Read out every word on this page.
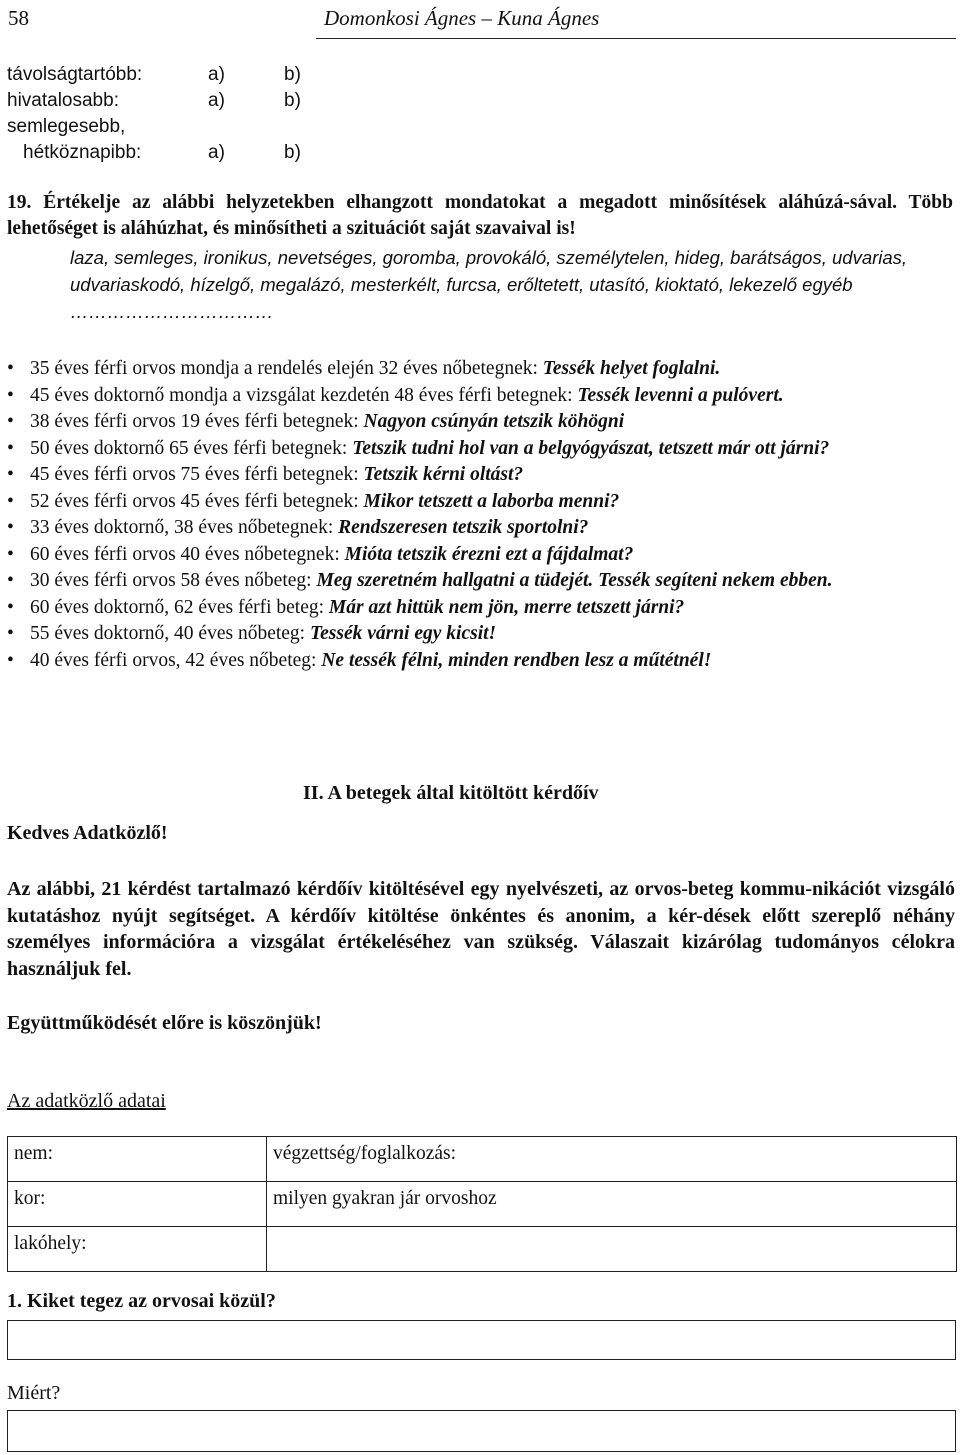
58	Domonkosi Ágnes – Kuna Ágnes
távolságtartóbb:	a)	b)
hivatalosabb:	a)	b)
semlegesebb,
hétköznapibb:	a)	b)
19. Értékelje az alábbi helyzetekben elhangzott mondatokat a megadott minősítések aláhúzá-sával. Több lehetőséget is aláhúzhat, és minősítheti a szituációt saját szavaival is!
laza, semleges, ironikus, nevetséges, goromba, provokáló, személytelen, hideg, barátságos, udvarias, udvariaskodó, hízelgő, megalázó, mesterkélt, furcsa, erőltetett, utasító, kioktató, lekezelő egyéb ……………………………
• 35 éves férfi orvos mondja a rendelés elején 32 éves nőbetegnek: Tessék helyet foglalni.
• 45 éves doktornő mondja a vizsgálat kezdetén 48 éves férfi betegnek: Tessék levenni a pulóvert.
• 38 éves férfi orvos 19 éves férfi betegnek: Nagyon csúnyán tetszik köhögni
• 50 éves doktornő 65 éves férfi betegnek: Tetszik tudni hol van a belgyógyászat, tetszett már ott járni?
• 45 éves férfi orvos 75 éves férfi betegnek: Tetszik kérni oltást?
• 52 éves férfi orvos 45 éves férfi betegnek: Mikor tetszett a laborba menni?
• 33 éves doktornő, 38 éves nőbetegnek: Rendszeresen tetszik sportolni?
• 60 éves férfi orvos 40 éves nőbetegnek: Mióta tetszik érezni ezt a fájdalmat?
• 30 éves férfi orvos 58 éves nőbeteg: Meg szeretném hallgatni a tüdejét. Tessék segíteni nekem ebben.
• 60 éves doktornő, 62 éves férfi beteg: Már azt hittük nem jön, merre tetszett járni?
• 55 éves doktornő, 40 éves nőbeteg: Tessék várni egy kicsit!
• 40 éves férfi orvos, 42 éves nőbeteg: Ne tessék félni, minden rendben lesz a műtétnél!
II. A betegek által kitöltött kérdőív
Kedves Adatközlő!
Az alábbi, 21 kérdést tartalmazó kérdőív kitöltésével egy nyelvészeti, az orvos-beteg kommu-nikációt vizsgáló kutatáshoz nyújt segítséget. A kérdőív kitöltése önkéntes és anonim, a kér-dések előtt szereplő néhány személyes információra a vizsgálat értékeléséhez van szükség. Válaszait kizárólag tudományos célokra használjuk fel.
Együttműködését előre is köszönjük!
Az adatközlő adatai
nem:	végzettség/foglalkozás:
kor:	milyen gyakran jár orvoshoz
lakóhely:	
1. Kiket tegez az orvosai közül?
Miért?
